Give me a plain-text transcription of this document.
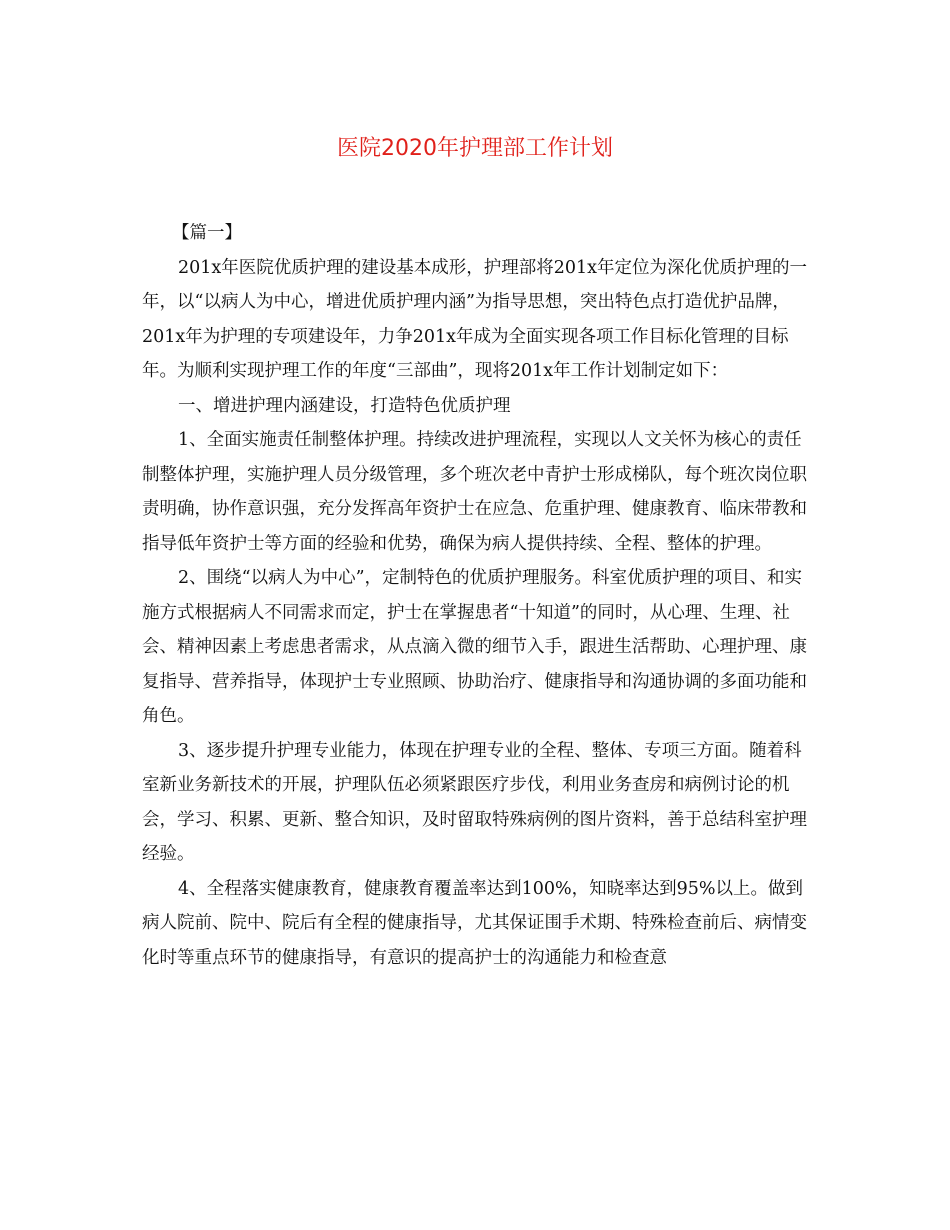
医院2020年护理部工作计划

【篇一】

201x年医院优质护理的建设基本成形，护理部将201x年定位为深化优质护理的一年，以“以病人为中心，增进优质护理内涵”为指导思想，突出特色点打造优护品牌，201x年为护理的专项建设年，力争201x年成为全面实现各项工作目标化管理的目标年。为顺利实现护理工作的年度“三部曲”，现将201x年工作计划制定如下：

一、增进护理内涵建设，打造特色优质护理

1、全面实施责任制整体护理。持续改进护理流程，实现以人文关怀为核心的责任制整体护理，实施护理人员分级管理，多个班次老中青护士形成梯队，每个班次岗位职责明确，协作意识强，充分发挥高年资护士在应急、危重护理、健康教育、临床带教和指导低年资护士等方面的经验和优势，确保为病人提供持续、全程、整体的护理。

2、围绕“以病人为中心”，定制特色的优质护理服务。科室优质护理的项目、和实施方式根据病人不同需求而定，护士在掌握患者“十知道”的同时，从心理、生理、社会、精神因素上考虑患者需求，从点滴入微的细节入手，跟进生活帮助、心理护理、康复指导、营养指导，体现护士专业照顾、协助治疗、健康指导和沟通协调的多面功能和角色。

3、逐步提升护理专业能力，体现在护理专业的全程、整体、专项三方面。随着科室新业务新技术的开展，护理队伍必须紧跟医疗步伐，利用业务查房和病例讨论的机会，学习、积累、更新、整合知识，及时留取特殊病例的图片资料，善于总结科室护理经验。

4、全程落实健康教育，健康教育覆盖率达到100%，知晓率达到95%以上。做到病人院前、院中、院后有全程的健康指导，尤其保证围手术期、特殊检查前后、病情变化时等重点环节的健康指导，有意识的提高护士的沟通能力和检查意
